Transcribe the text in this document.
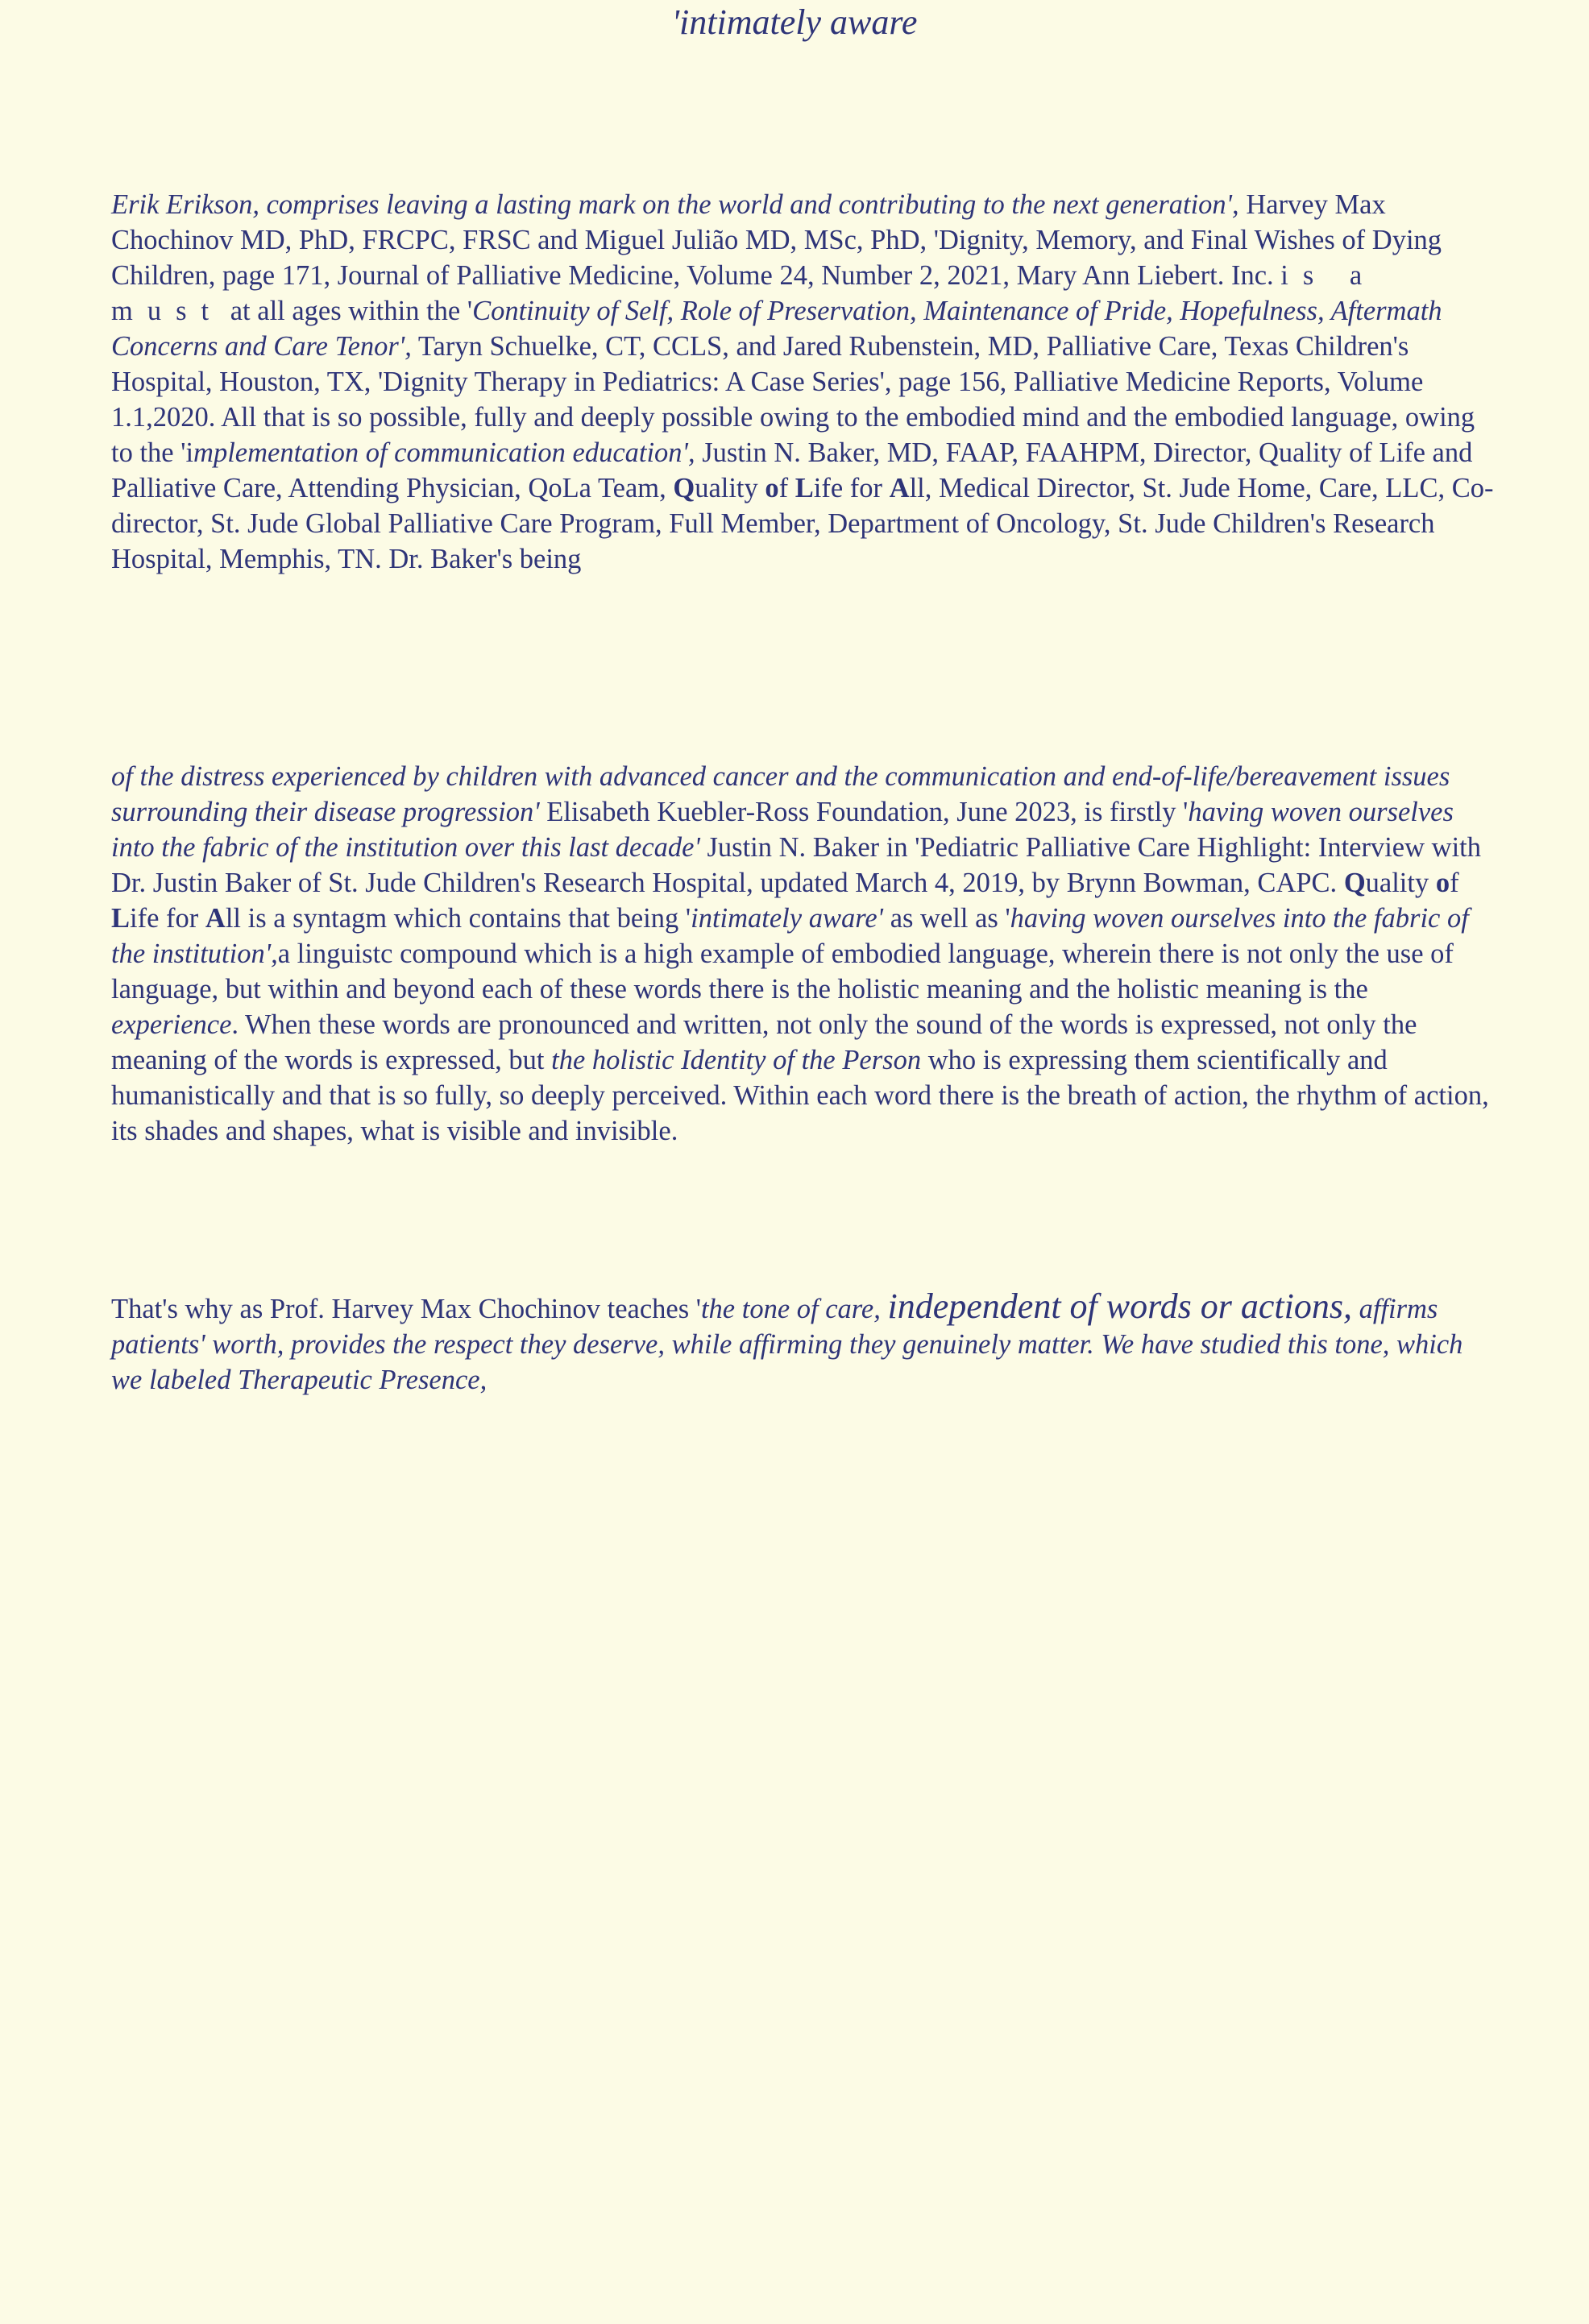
Erik Erikson, comprises leaving a lasting mark on the world and contributing to the next generation', Harvey Max Chochinov MD, PhD, FRCPC, FRSC and Miguel Julião MD, MSc, PhD, 'Dignity, Memory, and Final Wishes of Dying Children, page 171, Journal of Palliative Medicine, Volume 24, Number 2, 2021, Mary Ann Liebert. Inc. is a must at all ages within the 'Continuity of Self, Role of Preservation, Maintenance of Pride, Hopefulness, Aftermath Concerns and Care Tenor', Taryn Schuelke, CT, CCLS, and Jared Rubenstein, MD, Palliative Care, Texas Children's Hospital, Houston, TX, 'Dignity Therapy in Pediatrics: A Case Series', page 156, Palliative Medicine Reports, Volume 1.1,2020. All that is so possible, fully and deeply possible owing to the embodied mind and the embodied language, owing to the 'implementation of communication education', Justin N. Baker, MD, FAAP, FAAHPM, Director, Quality of Life and Palliative Care, Attending Physician, QoLa Team, Quality of Life for All, Medical Director, St. Jude Home, Care, LLC, Co-director, St. Jude Global Palliative Care Program, Full Member, Department of Oncology, St. Jude Children's Research Hospital, Memphis, TN. Dr. Baker's being

'intimately aware

of the distress experienced by children with advanced cancer and the communication and end-of-life/bereavement issues surrounding their disease progression' Elisabeth Kuebler-Ross Foundation, June 2023, is firstly 'having woven ourselves into the fabric of the institution over this last decade' Justin N. Baker in 'Pediatric Palliative Care Highlight: Interview with Dr. Justin Baker of St. Jude Children's Research Hospital, updated March 4, 2019, by Brynn Bowman, CAPC. Quality of Life for All is a syntagm which contains that being 'intimately aware' as well as 'having woven ourselves into the fabric of the institution',a linguistc compound which is a high example of embodied language, wherein there is not only the use of language, but within and beyond each of these words there is the holistic meaning and the holistic meaning is the experience. When these words are pronounced and written, not only the sound of the words is expressed, not only the meaning of the words is expressed, but the holistic Identity of the Person who is expressing them scientifically and humanistically and that is so fully, so deeply perceived. Within each word there is the breath of action, the rhythm of action, its shades and shapes, what is visible and invisible.

That's why as Prof. Harvey Max Chochinov teaches 'the tone of care, independent of words or actions, affirms patients' worth, provides the respect they deserve, while affirming they genuinely matter. We have studied this tone, which we labeled Therapeutic Presence,
